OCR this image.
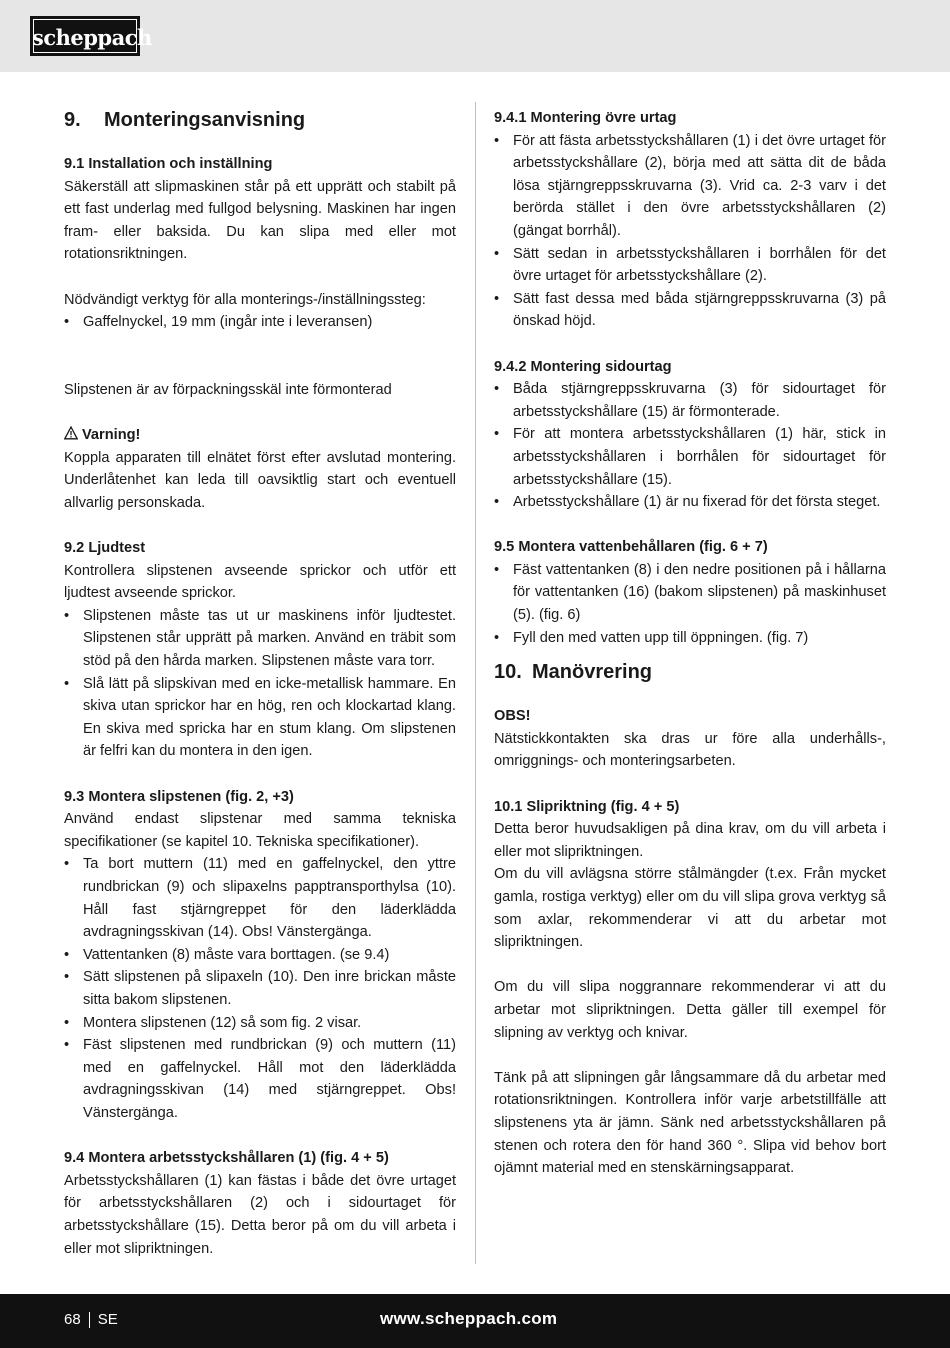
scheppach
9.	Monteringsanvisning
9.1 Installation och inställning

Säkerställ att slipmaskinen står på ett upprätt och stabilt på ett fast underlag med fullgod belysning. Maskinen har ingen fram- eller baksida. Du kan slipa med eller mot rotationsriktningen.

Nödvändigt verktyg för alla monterings-/inställningssteg:

• Gaffelnyckel, 19 mm (ingår inte i leveransen)

Slipstenen är av förpackningsskäl inte förmonterad

Varning!

Koppla apparaten till elnätet först efter avslutad montering. Underlåtenhet kan leda till oavsiktlig start och eventuell allvarlig personskada.

9.2 Ljudtest

Kontrollera slipstenen avseende sprickor och utför ett ljudtest avseende sprickor.

• Slipstenen måste tas ut ur maskinens inför ljudtestet. Slipstenen står upprätt på marken. Använd en träbit som stöd på den hårda marken. Slipstenen måste vara torr.
• Slå lätt på slipskivan med en icke-metallisk hammare. En skiva utan sprickor har en hög, ren och klockartad klang. En skiva med spricka har en stum klang. Om slipstenen är felfri kan du montera in den igen.
9.3 Montera slipstenen (fig. 2, +3)

Använd endast slipstenar med samma tekniska specifikationer (se kapitel 10. Tekniska specifikationer).

• Ta bort muttern (11) med en gaffelnyckel, den yttre rundbrickan (9) och slipaxelns papptransporthylsa (10). Håll fast stjärngreppet för den läderklädda avdragningsskivan (14). Obs! Vänstergänga.
• Vattentanken (8) måste vara borttagen. (se 9.4)
• Sätt slipstenen på slipaxeln (10). Den inre brickan måste sitta bakom slipstenen.
• Montera slipstenen (12) så som fig. 2 visar.
• Fäst slipstenen med rundbrickan (9) och muttern (11) med en gaffelnyckel. Håll mot den läderklädda avdragningsskivan (14) med stjärngreppet. Obs! Vänstergänga.
9.4 Montera arbetsstyckshållaren (1) (fig. 4 + 5)

Arbetsstyckshållaren (1) kan fästas i både det övre urtaget för arbetsstyckshållaren (2) och i sidourtaget för arbetsstyckshållare (15). Detta beror på om du vill arbeta i eller mot slipriktningen.

9.4.1 Montering övre urtag
• För att fästa arbetsstyckshållaren (1) i det övre urtaget för arbetsstyckshållare (2), börja med att sätta dit de båda lösa stjärngreppsskruvarna (3). Vrid ca. 2-3 varv i det berörda stället i den övre arbetsstyckshållaren (2) (gängat borrhål).
• Sätt sedan in arbetsstyckshållaren i borrhålen för det övre urtaget för arbetsstyckshållare (2).
• Sätt fast dessa med båda stjärngreppsskruvarna (3) på önskad höjd.
9.4.2 Montering sidourtag
• Båda stjärngreppsskruvarna (3) för sidourtaget för arbetsstyckshållare (15) är förmonterade.
• För att montera arbetsstyckshållaren (1) här, stick in arbetsstyckshållaren i borrhålen för sidourtaget för arbetsstyckshållare (15).
• Arbetsstyckshållare (1) är nu fixerad för det första steget.
9.5 Montera vattenbehållaren (fig. 6 + 7)
• Fäst vattentanken (8) i den nedre positionen på i hållarna för vattentanken (16) (bakom slipstenen) på maskinhuset (5). (fig. 6)
• Fyll den med vatten upp till öppningen. (fig. 7)
10. Manövrering
OBS!

Nätstickkontakten ska dras ur före alla underhålls-, omriggnings- och monteringsarbeten.

10.1 Slipriktning (fig. 4 + 5)

Detta beror huvudsakligen på dina krav, om du vill arbeta i eller mot slipriktningen.

Om du vill avlägsna större stålmängder (t.ex. Från mycket gamla, rostiga verktyg) eller om du vill slipa grova verktyg så som axlar, rekommenderar vi att du arbetar mot slipriktningen.

Om du vill slipa noggrannare rekommenderar vi att du arbetar mot slipriktningen. Detta gäller till exempel för slipning av verktyg och knivar.

Tänk på att slipningen går långsammare då du arbetar med rotationsriktningen. Kontrollera inför varje arbetstillfälle att slipstenens yta är jämn. Sänk ned arbetsstyckshållaren på stenen och rotera den för hand 360 °. Slipa vid behov bort ojämnt material med en stenskärningsapparat.

68 SE	www.scheppach.com
